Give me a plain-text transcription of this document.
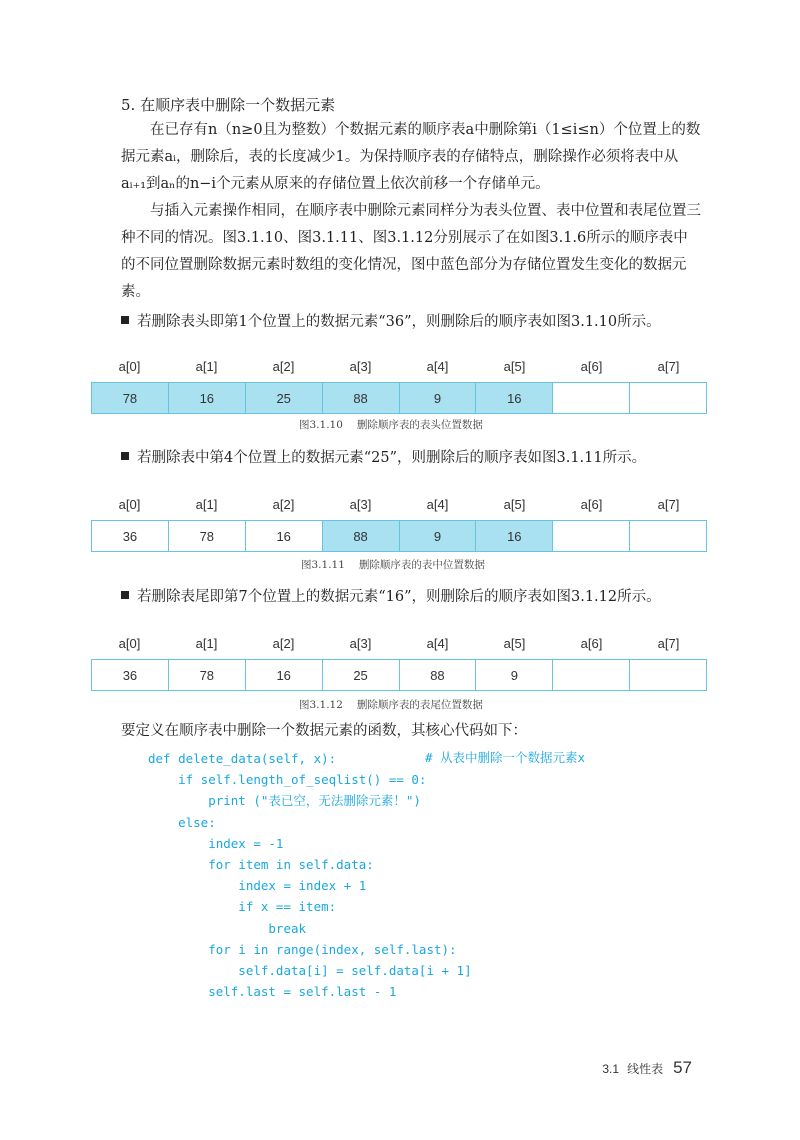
5. 在顺序表中删除一个数据元素

在已存有n（n≥0且为整数）个数据元素的顺序表a中删除第i（1≤i≤n）个位置上的数据元素aᵢ，删除后，表的长度减少1。为保持顺序表的存储特点，删除操作必须将表中从aᵢ₊₁到aₙ的n−i个元素从原来的存储位置上依次前移一个存储单元。

与插入元素操作相同，在顺序表中删除元素同样分为表头位置、表中位置和表尾位置三种不同的情况。图3.1.10、图3.1.11、图3.1.12分别展示了在如图3.1.6所示的顺序表中的不同位置删除数据元素时数组的变化情况，图中蓝色部分为存储位置发生变化的数据元素。

若删除表头即第1个位置上的数据元素“36”，则删除后的顺序表如图3.1.10所示。
a[0]	a[1]	a[2]	a[3]	a[4]	a[5]	a[6]	a[7]
78	16	25	88	9	16
图3.1.10 删除顺序表的表头位置数据
若删除表中第4个位置上的数据元素“25”，则删除后的顺序表如图3.1.11所示。
a[0]	a[1]	a[2]	a[3]	a[4]	a[5]	a[6]	a[7]
36	78	16	88	9	16
图3.1.11 删除顺序表的表中位置数据
若删除表尾即第7个位置上的数据元素“16”，则删除后的顺序表如图3.1.12所示。
a[0]	a[1]	a[2]	a[3]	a[4]	a[5]	a[6]	a[7]
36	78	16	25	88	9
图3.1.12 删除顺序表的表尾位置数据
要定义在顺序表中删除一个数据元素的函数，其核心代码如下：
def delete_data(self, x):
if self.length_of_seqlist() == 0:
print ("表已空，无法删除元素！")
else:
index = -1
for item in self.data:
index = index + 1
if x == item:
break
for i in range(index, self.last):
self.data[i] = self.data[i + 1]
self.last = self.last - 1
# 从表中删除一个数据元素x
3.1 线性表 57
